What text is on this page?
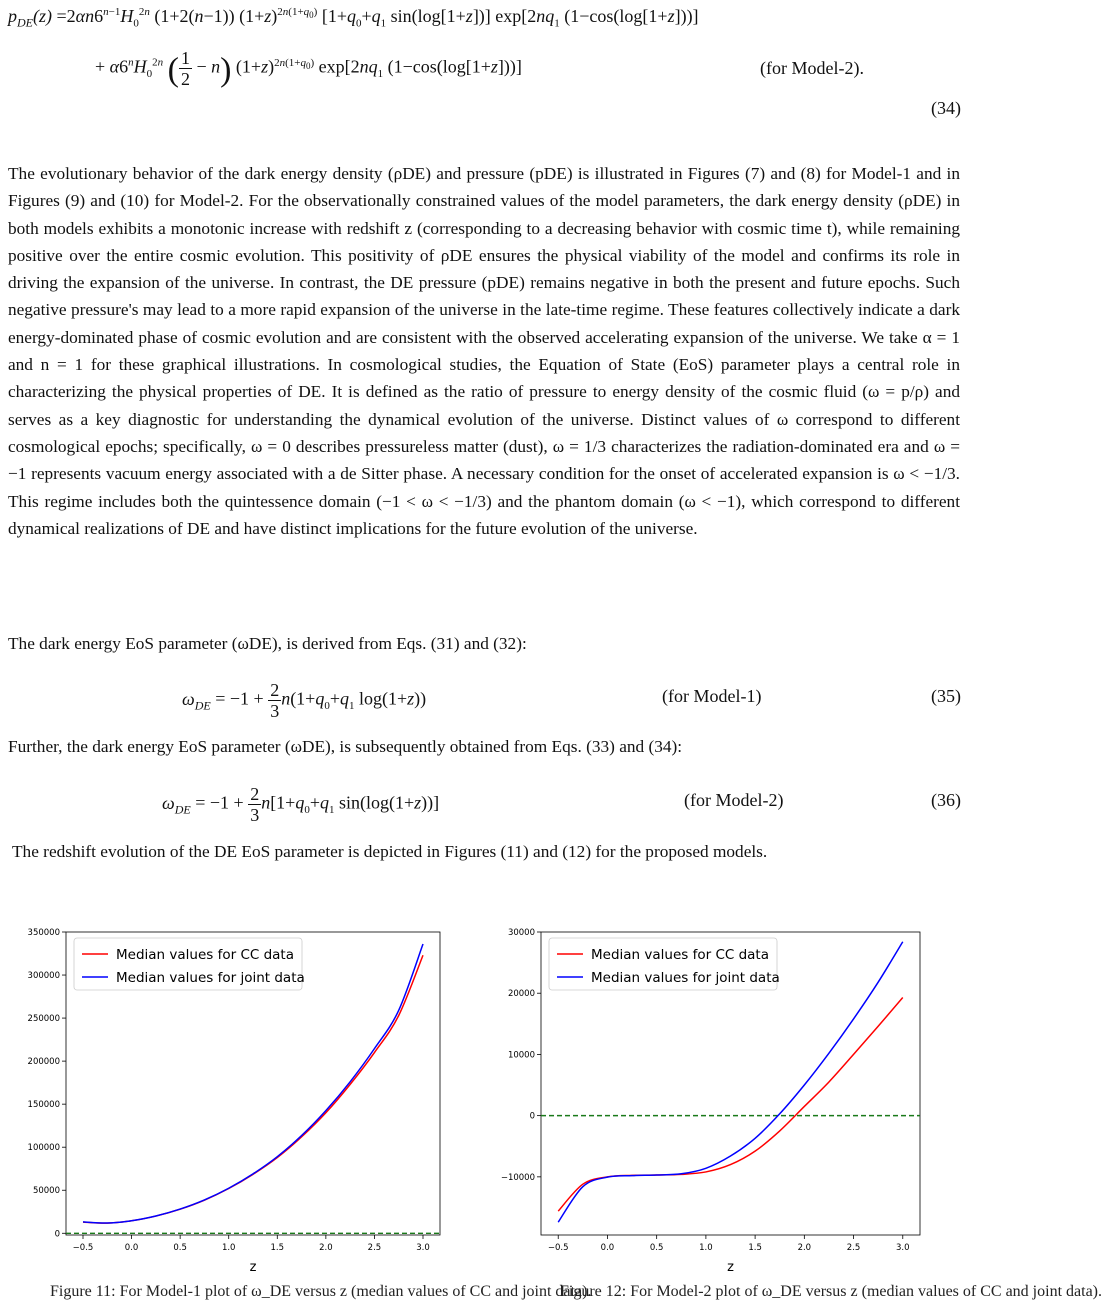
$p_{DE}(z) =2\alpha n6^{n-1}H_0^{2n}$ (1+2(n−1)) $(1+z)^{2n(1+q_0)}$ [$1+q_0+q_1$ sin(log[1+z])] $\exp[2nq_1$ (1−cos(log[1+z]))]
+ $\alpha 6^nH_0^{2n}$ ( $\frac{1}{2} - n$) $(1+z)^{2n(1+q_0)}$ $\exp[2nq_1$ (1−cos(log[1+z]))]	(for Model-2).
(34)

The evolutionary behavior of the dark energy density (ρDE) and pressure (pDE) is illustrated in Figures (7) and (8) for Model-1 and in Figures (9) and (10) for Model-2. For the observationally constrained values of the model parameters, the dark energy density (ρDE) in both models exhibits a monotonic increase with redshift z (corresponding to a decreasing behavior with cosmic time t), while remaining positive over the entire cosmic evolution. This positivity of ρDE ensures the physical viability of the model and confirms its role in driving the expansion of the universe. In contrast, the DE pressure (pDE) remains negative in both the present and future epochs. Such negative pressure's may lead to a more rapid expansion of the universe in the late-time regime. These features collectively indicate a dark energy-dominated phase of cosmic evolution and are consistent with the observed accelerating expansion of the universe. We take α = 1 and n = 1 for these graphical illustrations. In cosmological studies, the Equation of State (EoS) parameter plays a central role in characterizing the physical properties of DE. It is defined as the ratio of pressure to energy density of the cosmic fluid (ω = p/ρ) and serves as a key diagnostic for understanding the dynamical evolution of the universe. Distinct values of ω correspond to different cosmological epochs; specifically, ω = 0 describes pressureless matter (dust), ω = 1/3 characterizes the radiation-dominated era and ω = −1 represents vacuum energy associated with a de Sitter phase. A necessary condition for the onset of accelerated expansion is ω < −1/3. This regime includes both the quintessence domain (−1 < ω < −1/3) and the phantom domain (ω < −1), which correspond to different dynamical realizations of DE and have distinct implications for the future evolution of the universe.

The dark energy EoS parameter (ωDE), is derived from Eqs. (31) and (32):

$\omega_{DE} = -1 + \frac{2}{3} n(1+q_0+q_1$ log(1+z))	(for Model-1)	(35)

Further, the dark energy EoS parameter (ωDE), is subsequently obtained from Eqs. (33) and (34):

$\omega_{DE} = -1 + \frac{2}{3} n[1+q_0+q_1$ sin(log(1+z))]	(for Model-2)	(36)

The redshift evolution of the DE EoS parameter is depicted in Figures (11) and (12) for the proposed models.

0
50000
100000
150000
200000
250000
300000
350000
−0.5	0.0	0.5	1.0	1.5	2.0	2.5	3.0
z
Median values for CC data
Median values for joint data
−10000
0
10000
20000
30000
−0.5	0.0	0.5	1.0	1.5	2.0	2.5	3.0
z
Median values for CC data
Median values for joint data
Figure 11: For Model-1 plot of ω_DE versus z (median values of CC and joint data).
Figure 12: For Model-2 plot of ω_DE versus z (median values of CC and joint data).
